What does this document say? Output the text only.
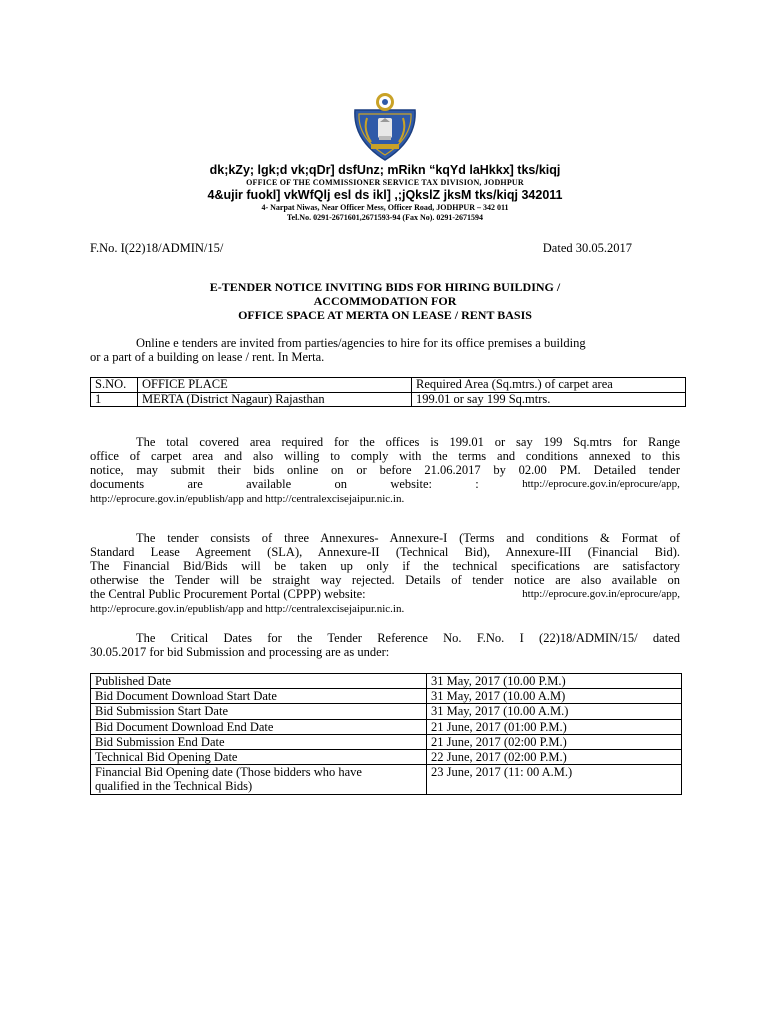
dk;kZy; lgk;d vk;qDr] dsfUnz; mRikn “kqYd laHkkx] tks/kiqj
OFFICE OF THE COMMISSIONER SERVICE TAX DIVISION, JODHPUR
4&ujir fuokl] vkWfQlj esl ds ikl] ,;jQkslZ jksM tks/kiqj 342011
4- Narpat Niwas, Near Officer Mess, Officer Road, JODHPUR – 342 011
Tel.No. 0291-2671601,2671593-94 (Fax No). 0291-2671594
F.No. I(22)18/ADMIN/15/	Dated 30.05.2017
E-TENDER NOTICE INVITING BIDS FOR HIRING BUILDING /
ACCOMMODATION FOR
OFFICE SPACE AT MERTA ON LEASE / RENT BASIS
Online e tenders are invited from parties/agencies to hire for its office premises a building
or a part of a building on lease / rent. In Merta.
S.NO.	OFFICE PLACE	Required Area (Sq.mtrs.) of carpet area
1	MERTA (District Nagaur) Rajasthan	199.01 or say 199 Sq.mtrs.
The total covered area required for the offices is 199.01 or say 199 Sq.mtrs for Range
office of carpet area and also willing to comply with the terms and conditions annexed to this
notice, may submit their bids online on or before 21.06.2017 by 02.00 PM. Detailed tender
documents	are	available	on	website:	:	http://eprocure.gov.in/eprocure/app,
http://eprocure.gov.in/epublish/app and http://centralexcisejaipur.nic.in.
The tender consists of three Annexures- Annexure-I (Terms and conditions & Format of
Standard Lease Agreement (SLA), Annexure-II (Technical Bid), Annexure-III (Financial Bid).
The Financial Bid/Bids will be taken up only if the technical specifications are satisfactory
otherwise the Tender will be straight way rejected. Details of tender notice are also available on
the Central Public Procurement Portal (CPPP) website:	http://eprocure.gov.in/eprocure/app,
http://eprocure.gov.in/epublish/app and http://centralexcisejaipur.nic.in.
The Critical Dates for the Tender Reference No. F.No. I (22)18/ADMIN/15/ dated
30.05.2017 for bid Submission and processing are as under:
Published Date	31 May, 2017 (10.00 P.M.)
Bid Document Download Start Date	31 May, 2017 (10.00 A.M)
Bid Submission Start Date	31 May, 2017 (10.00 A.M.)
Bid Document Download End Date	21 June, 2017 (01:00 P.M.)
Bid Submission End Date	21 June, 2017 (02:00 P.M.)
Technical Bid Opening Date	22 June, 2017 (02:00 P.M.)
Financial Bid Opening date (Those bidders who have
qualified in the Technical Bids)	23 June, 2017 (11: 00 A.M.)
